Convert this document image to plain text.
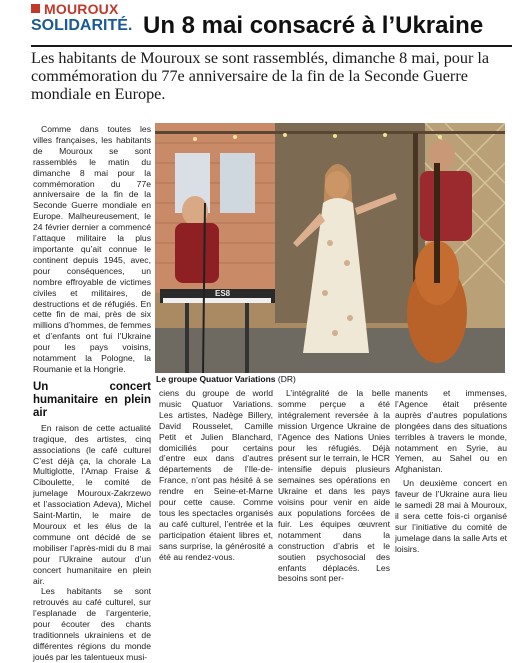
MOUROUX
SOLIDARITÉ. Un 8 mai consacré à l’Ukraine
Les habitants de Mouroux se sont rassemblés, dimanche 8 mai, pour la commémoration du 77e anniversaire de la fin de la Seconde Guerre mondiale en Europe.

Comme dans toutes les villes françaises, les habitants de Mouroux se sont rassemblés le matin du dimanche 8 mai pour la commémoration du 77e anniversaire de la fin de la Seconde Guerre mondiale en Europe. Malheureusement, le 24 février dernier a commencé l’attaque militaire la plus importante qu’ait connue le continent depuis 1945, avec, pour conséquences, un nombre effroyable de victimes civiles et militaires, de destructions et de réfugiés. En cette fin de mai, près de six millions d’hommes, de femmes et d’enfants ont fui l’Ukraine pour les pays voisins, notamment la Pologne, la Roumanie et la Hongrie.

Un concert humanitaire en plein air

En raison de cette actualité tragique, des artistes, cinq associations (le café culturel C’est déjà ça, la chorale La Multiglotte, l’Amap Fraise & Ciboulette, le comité de jumelage Mouroux-Zakrzewo et l’association Adeva), Michel Saint-Martin, le maire de Mouroux et les élus de la commune ont décidé de se mobiliser l’après-midi du 8 mai pour l’Ukraine autour d’un concert humanitaire en plein air.

Les habitants se sont retrouvés au café culturel, sur l’esplanade de l’argenterie, pour écouter des chants traditionnels ukrainiens et de différentes régions du monde joués par les talentueux musi-

ES8
Le groupe Quatuor Variations (DR)

ciens du groupe de world music Quatuor Variations. Les artistes, Nadège Billery, David Rousselet, Camille Petit et Julien Blanchard, domiciliés pour certains d’entre eux dans d’autres départements de l’Ile-de-France, n’ont pas hésité à se rendre en Seine-et-Marne pour cette cause. Comme tous les spectacles organisés au café culturel, l’entrée et la participation étaient libres et, sans surprise, la générosité a été au rendez-vous.

L’intégralité de la belle somme perçue a été intégralement reversée à la mission Urgence Ukraine de l’Agence des Nations Unies pour les réfugiés. Déjà présent sur le terrain, le HCR intensifie depuis plusieurs semaines ses opérations en Ukraine et dans les pays voisins pour venir en aide aux populations forcées de fuir. Les équipes œuvrent notamment dans la construction d’abris et le soutien psychosocial des enfants déplacés. Les besoins sont per-

manents et immenses, l’Agence était présente auprès d’autres populations plongées dans des situations terribles à travers le monde, notamment en Syrie, au Yemen, au Sahel ou en Afghanistan.

Un deuxième concert en faveur de l’Ukraine aura lieu le samedi 28 mai à Mouroux, il sera cette fois-ci organisé sur l’initiative du comité de jumelage dans la salle Arts et loisirs.
